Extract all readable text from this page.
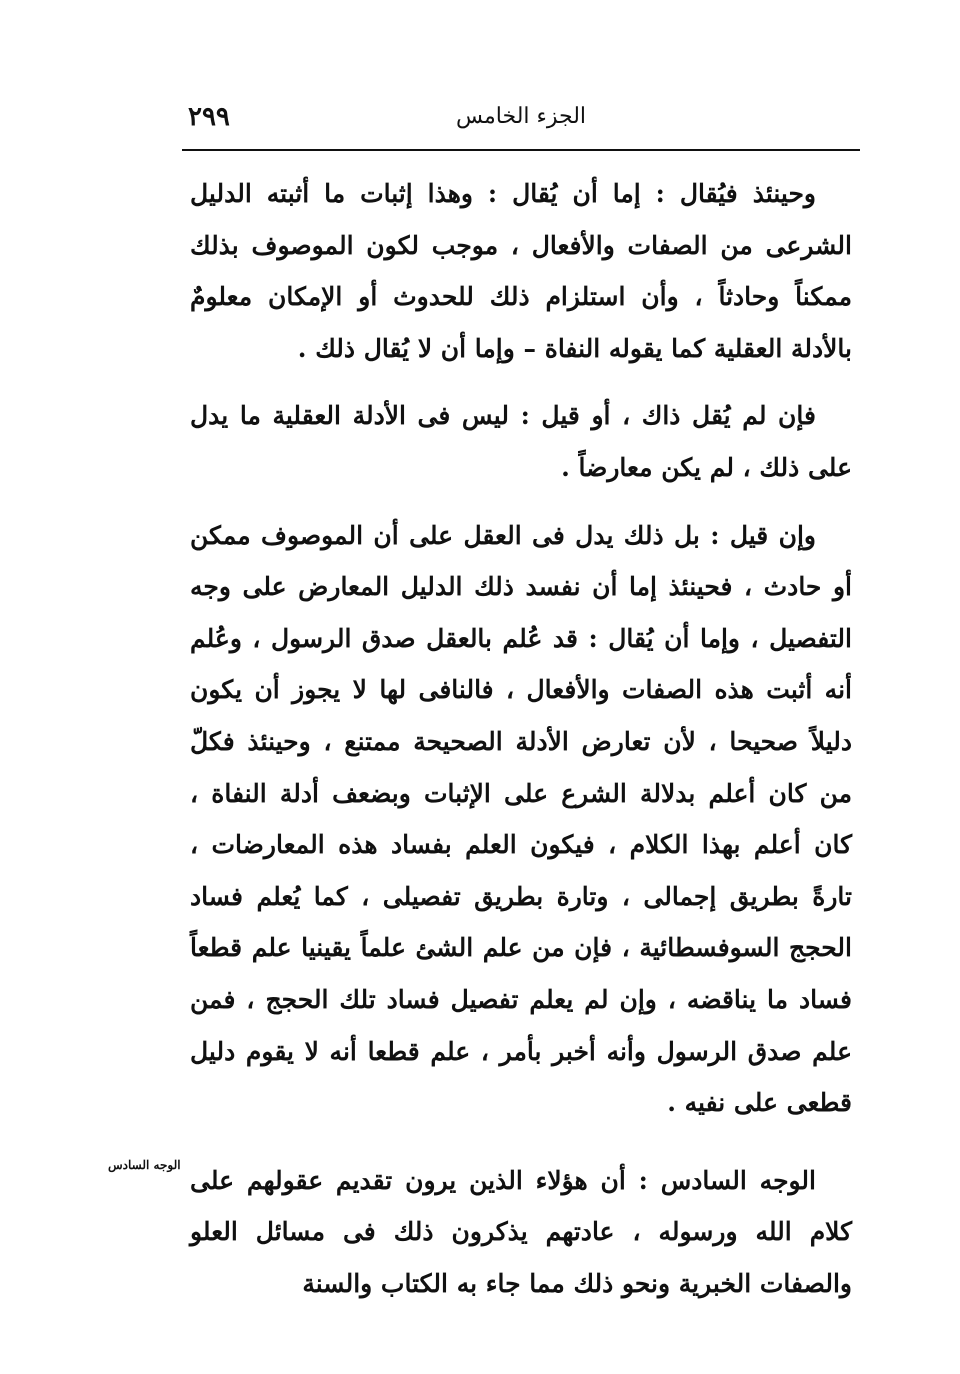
٢٩٩	الجزء الخامس

وحينئذ فيُقال : إما أن يُقال : وهذا إثبات ما أثبته الدليل الشرعى من الصفات والأفعال ، موجب لكون الموصوف بذلك ممكناً وحادثاً ، وأن استلزام ذلك للحدوث أو الإمكان معلومٌ بالأدلة العقلية كما يقوله النفاة – وإما أن لا يُقال ذلك .

فإن لم يُقل ذاك ، أو قيل : ليس فى الأدلة العقلية ما يدل على ذلك ، لم يكن معارضاً .

وإن قيل : بل ذلك يدل فى العقل على أن الموصوف ممكن أو حادث ، فحينئذ إما أن نفسد ذلك الدليل المعارض على وجه التفصيل ، وإما أن يُقال : قد عُلم بالعقل صدق الرسول ، وعُلم أنه أثبت هذه الصفات والأفعال ، فالنافى لها لا يجوز أن يكون دليلاً صحيحا ، لأن تعارض الأدلة الصحيحة ممتنع ، وحينئذ فكلّ من كان أعلم بدلالة الشرع على الإثبات وبضعف أدلة النفاة ، كان أعلم بهذا الكلام ، فيكون العلم بفساد هذه المعارضات ، تارةً بطريق إجمالى ، وتارة بطريق تفصيلى ، كما يُعلم فساد الحجج السوفسطائية ، فإن من علم الشئ علماً يقينيا علم قطعاً فساد ما يناقضه ، وإن لم يعلم تفصيل فساد تلك الحجج ، فمن علم صدق الرسول وأنه أخبر بأمر ، علم قطعا أنه لا يقوم دليل قطعى على نفيه .

الوجه السادس : أن هؤلاء الذين يرون تقديم عقولهم على كلام الله ورسوله ، عادتهم يذكرون ذلك فى مسائل العلو والصفات الخبرية ونحو ذلك مما جاء به الكتاب والسنة

الوجه السادس
